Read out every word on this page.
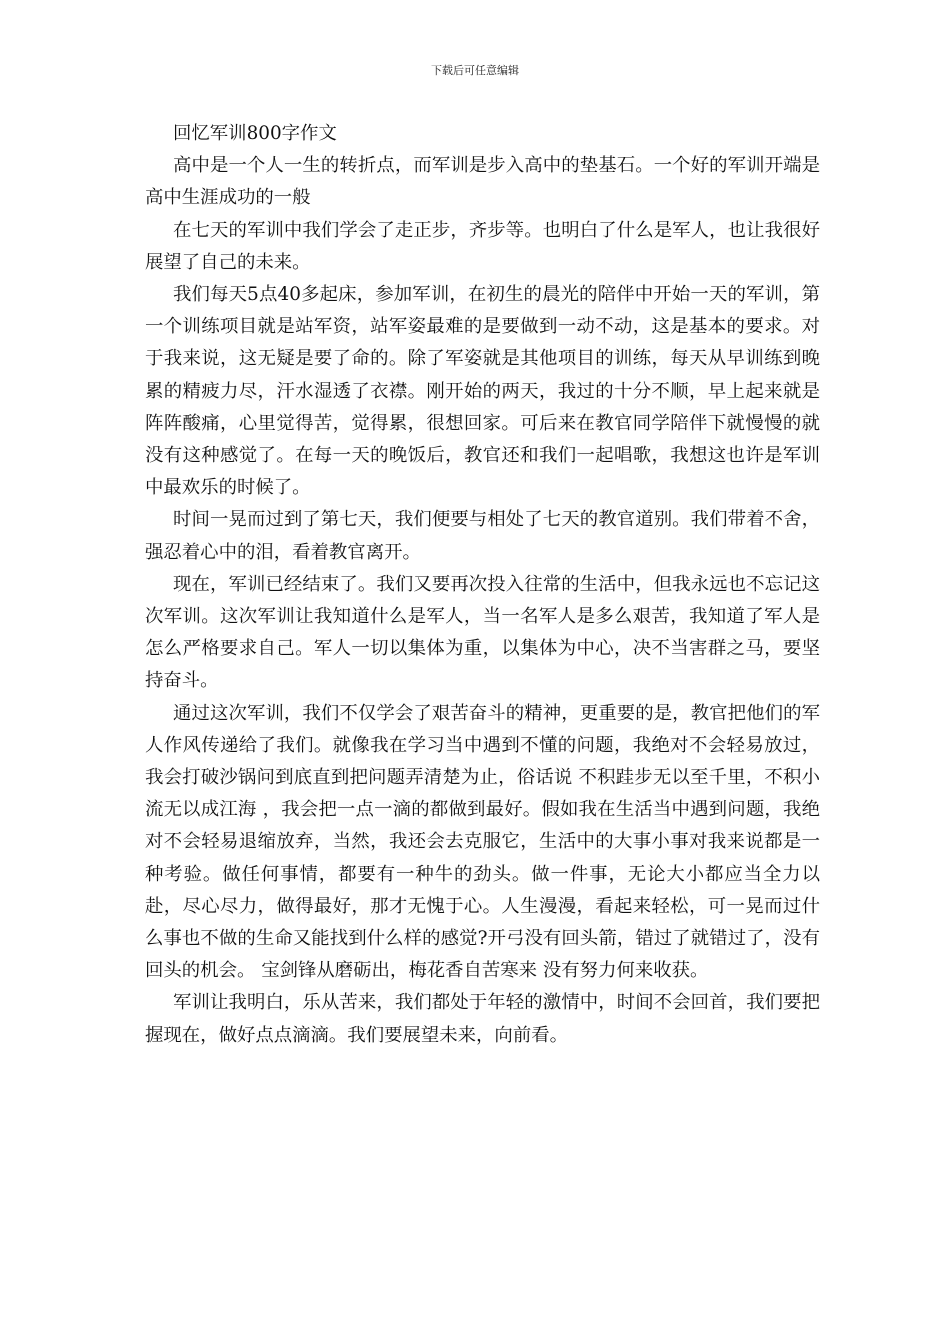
下载后可任意编辑

回忆军训800字作文

高中是一个人一生的转折点，而军训是步入高中的垫基石。一个好的军训开端是高中生涯成功的一般

在七天的军训中我们学会了走正步，齐步等。也明白了什么是军人，也让我很好展望了自己的未来。

我们每天5点40多起床，参加军训，在初生的晨光的陪伴中开始一天的军训，第一个训练项目就是站军资，站军姿最难的是要做到一动不动，这是基本的要求。对于我来说，这无疑是要了命的。除了军姿就是其他项目的训练，每天从早训练到晚累的精疲力尽，汗水湿透了衣襟。刚开始的两天，我过的十分不顺，早上起来就是阵阵酸痛，心里觉得苦，觉得累，很想回家。可后来在教官同学陪伴下就慢慢的就没有这种感觉了。在每一天的晚饭后，教官还和我们一起唱歌，我想这也许是军训中最欢乐的时候了。

时间一晃而过到了第七天，我们便要与相处了七天的教官道别。我们带着不舍，强忍着心中的泪，看着教官离开。

现在，军训已经结束了。我们又要再次投入往常的生活中，但我永远也不忘记这次军训。这次军训让我知道什么是军人，当一名军人是多么艰苦，我知道了军人是怎么严格要求自己。军人一切以集体为重，以集体为中心，决不当害群之马，要坚持奋斗。

通过这次军训，我们不仅学会了艰苦奋斗的精神，更重要的是，教官把他们的军人作风传递给了我们。就像我在学习当中遇到不懂的问题，我绝对不会轻易放过，我会打破沙锅问到底直到把问题弄清楚为止，俗话说 不积跬步无以至千里，不积小流无以成江海 ，我会把一点一滴的都做到最好。假如我在生活当中遇到问题，我绝对不会轻易退缩放弃，当然，我还会去克服它，生活中的大事小事对我来说都是一种考验。做任何事情，都要有一种牛的劲头。做一件事，无论大小都应当全力以赴，尽心尽力，做得最好，那才无愧于心。人生漫漫，看起来轻松，可一晃而过什么事也不做的生命又能找到什么样的感觉?开弓没有回头箭，错过了就错过了，没有回头的机会。 宝剑锋从磨砺出，梅花香自苦寒来 没有努力何来收获。

军训让我明白，乐从苦来，我们都处于年轻的激情中，时间不会回首，我们要把握现在，做好点点滴滴。我们要展望未来，向前看。
